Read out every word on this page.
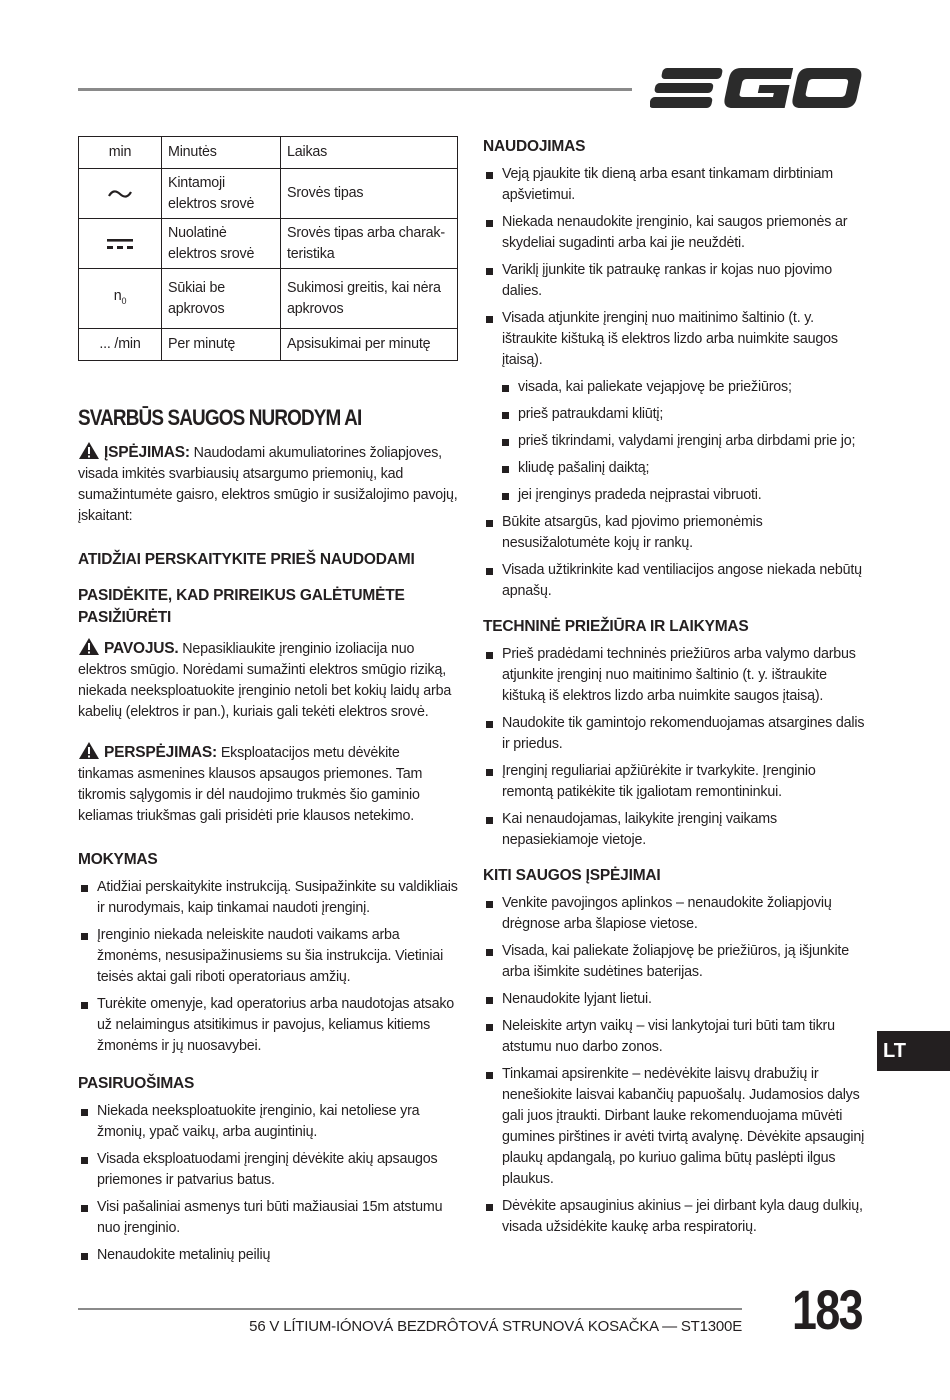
min	Minutės	Laikas

	Kintamoji elektros srovė	Srovės tipas

	Nuolatinė elektros srovė	Srovės tipas arba charakteristika
$n_0$	Sūkiai be apkrovos	Sukimosi greitis, kai nėra apkrovos
... /min	Per minutę	Apsisukimai per minutę
SVARBŪS SAUGOS NURODYM AI

ĮSPĖJIMAS: Naudodami akumuliatorines žoliapjoves, visada imkitės svarbiausių atsargumo priemonių, kad sumažintumėte gaisro, elektros smūgio ir susižalojimo pavojų, įskaitant:

ATIDŽIAI PERSKAITYKITE PRIEŠ NAUDODAMI
PASIDĖKITE, KAD PRIREIKUS GALĖTUMĖTE PASIŽIŪRĖTI

PAVOJUS. Nepasikliaukite įrenginio izoliacija nuo elektros smūgio. Norėdami sumažinti elektros smūgio riziką, niekada neeksploatuokite įrenginio netoli bet kokių laidų arba kabelių (elektros ir pan.), kuriais gali tekėti elektros srovė.

PERSPĖJIMAS: Eksploatacijos metu dėvėkite tinkamas asmenines klausos apsaugos priemones. Tam tikromis sąlygomis ir dėl naudojimo trukmės šio gaminio keliamas triukšmas gali prisidėti prie klausos netekimo.

MOKYMAS
Atidžiai perskaitykite instrukciją. Susipažinkite su valdikliais ir nurodymais, kaip tinkamai naudoti įrenginį.
Įrenginio niekada neleiskite naudoti vaikams arba žmonėms, nesusipažinusiems su šia instrukcija. Vietiniai teisės aktai gali riboti operatoriaus amžių.
Turėkite omenyje, kad operatorius arba naudotojas atsako už nelaimingus atsitikimus ir pavojus, keliamus kitiems žmonėms ir jų nuosavybei.
PASIRUOŠIMAS
Niekada neeksploatuokite įrenginio, kai netoliese yra žmonių, ypač vaikų, arba augintinių.
Visada eksploatuodami įrenginį dėvėkite akių apsaugos priemones ir patvarius batus.
Visi pašaliniai asmenys turi būti mažiausiai 15m atstumu nuo įrenginio.
Nenaudokite metalinių peilių
NAUDOJIMAS
Veją pjaukite tik dieną arba esant tinkamam dirbtiniam apšvietimui.
Niekada nenaudokite įrenginio, kai saugos priemonės ar skydeliai sugadinti arba kai jie neuždėti.
Variklį įjunkite tik patraukę rankas ir kojas nuo pjovimo dalies.
Visada atjunkite įrenginį nuo maitinimo šaltinio (t. y. ištraukite kištuką iš elektros lizdo arba nuimkite saugos įtaisą).
visada, kai paliekate vejapjovę be priežiūros;
prieš patraukdami kliūtį;
prieš tikrindami, valydami įrenginį arba dirbdami prie jo;
kliudę pašalinį daiktą;
jei įrenginys pradeda neįprastai vibruoti.
Būkite atsargūs, kad pjovimo priemonėmis nesusižalotumėte kojų ir rankų.
Visada užtikrinkite kad ventiliacijos angose niekada nebūtų apnašų.
TECHNINĖ PRIEŽIŪRA IR LAIKYMAS
Prieš pradėdami techninės priežiūros arba valymo darbus atjunkite įrenginį nuo maitinimo šaltinio (t. y. ištraukite kištuką iš elektros lizdo arba nuimkite saugos įtaisą).
Naudokite tik gamintojo rekomenduojamas atsargines dalis ir priedus.
Įrenginį reguliariai apžiūrėkite ir tvarkykite. Įrenginio remontą patikėkite tik įgaliotam remontininkui.
Kai nenaudojamas, laikykite įrenginį vaikams nepasiekiamoje vietoje.
KITI SAUGOS ĮSPĖJIMAI
Venkite pavojingos aplinkos – nenaudokite žoliapjovių drėgnose arba šlapiose vietose.
Visada, kai paliekate žoliapjovę be priežiūros, ją išjunkite arba išimkite sudėtines baterijas.
Nenaudokite lyjant lietui.
Neleiskite artyn vaikų – visi lankytojai turi būti tam tikru atstumu nuo darbo zonos.
Tinkamai apsirenkite – nedėvėkite laisvų drabužių ir nenešiokite laisvai kabančių papuošalų. Judamosios dalys gali juos įtraukti. Dirbant lauke rekomenduojama mūvėti gumines pirštines ir avėti tvirtą avalynę. Dėvėkite apsauginį plaukų apdangalą, po kuriuo galima būtų paslėpti ilgus plaukus.
Dėvėkite apsauginius akinius – jei dirbant kyla daug dulkių, visada užsidėkite kaukę arba respiratorių.
LT
56 V LÍTIUM-IÓNOVÁ BEZDRÔTOVÁ STRUNOVÁ KOSAČKA — ST1300E 183
